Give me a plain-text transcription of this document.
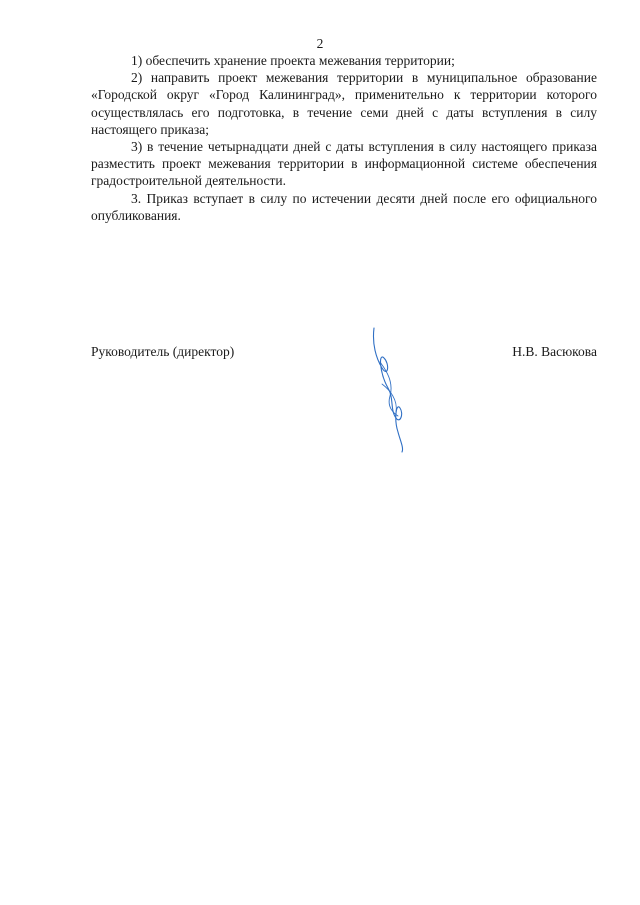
2

1) обеспечить хранение проекта межевания территории;

2) направить проект межевания территории в муниципальное образование «Городской округ «Город Калининград», применительно к территории которого осуществлялась его подготовка, в течение семи дней с даты вступления в силу настоящего приказа;

3) в течение четырнадцати дней с даты вступления в силу настоящего приказа разместить проект межевания территории в информационной системе обеспечения градостроительной деятельности.

3. Приказ вступает в силу по истечении десяти дней после его официального опубликования.

Руководитель (директор)	Н.В. Васюкова
